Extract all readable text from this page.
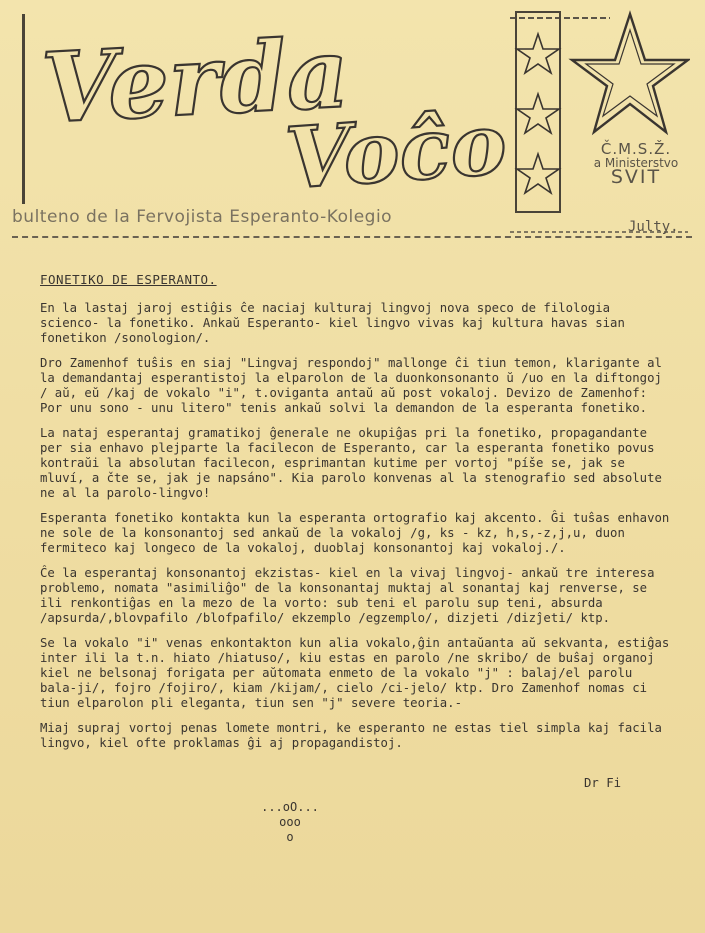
Verda
Voĉo	Č.M.S.Ž.
a Ministerstvo
SVIT
bulteno de la Fervojista Esperanto-Kolegio	Julty.
FONETIKO DE ESPERANTO.

En la lastaj jaroj estiĝis ĉe naciaj kulturaj lingvoj nova speco de filologia scienco- la fonetiko. Ankaŭ Esperanto- kiel lingvo vivas kaj kultura havas sian fonetikon /sonologion/.

Dro Zamenhof tuŝis en siaj "Lingvaj respondoj" mallonge ĉi tiun temon, klarigante al la demandantaj esperantistoj la elparolon de la duonkonsonanto ŭ /uo en la diftongoj / aŭ, eŭ /kaj de vokalo "i", t.oviganta antaŭ aŭ post vokaloj. Devizo de Zamenhof: Por unu sono - unu litero" tenis ankaŭ solvi la demandon de la esperanta fonetiko.

La nataj esperantaj gramatikoj ĝenerale ne okupiĝas pri la fonetiko, propagandante per sia enhavo plejparte la facilecon de Esperanto, car la esperanta fonetiko povus kontraŭi la absolutan facilecon, esprimantan kutime per vortoj "píše se, jak se mluví, a čte se, jak je napsáno". Kia parolo konvenas al la stenografio sed absolute ne al la parolo-lingvo!

Esperanta fonetiko kontakta kun la esperanta ortografio kaj akcento. Ĝi tuŝas enhavon ne sole de la konsonantoj sed ankaŭ de la vokaloj /g, ks - kz, h,s,-z,j,u, duon fermiteco kaj longeco de la vokaloj, duoblaj konsonantoj kaj vokaloj./.

Ĉe la esperantaj konsonantoj ekzistas- kiel en la vivaj lingvoj- ankaŭ tre interesa problemo, nomata "asimiliĝo" de la konsonantaj muktaj al sonantaj kaj renverse, se ili renkontiĝas en la mezo de la vorto: sub teni el parolu sup teni, absurda /apsurda/,blovpafilo /blofpafilo/ ekzemplo /egzemplo/, dizjeti /dizĵeti/ ktp.

Se la vokalo "i" venas enkontakton kun alia vokalo,ĝin antaŭanta aŭ sekvanta, estiĝas inter ili la t.n. hiato /hiatuso/, kiu estas en parolo /ne skribo/ de buŝaj organoj kiel ne belsonaj forigata per aŭtomata enmeto de la vokalo "j" : balaj/el parolu bala-ji/, fojro /fojiro/, kiam /kijam/, cielo /ci-jelo/ ktp. Dro Zamenhof nomas ci tiun elparolon pli eleganta, tiun sen "j" severe teoria.-

Miaj supraj vortoj penas lomete montri, ke esperanto ne estas tiel simpla kaj facila lingvo, kiel ofte proklamas ĝi aj propagandistoj.

Dr Fi
...oO...
ooo
o
